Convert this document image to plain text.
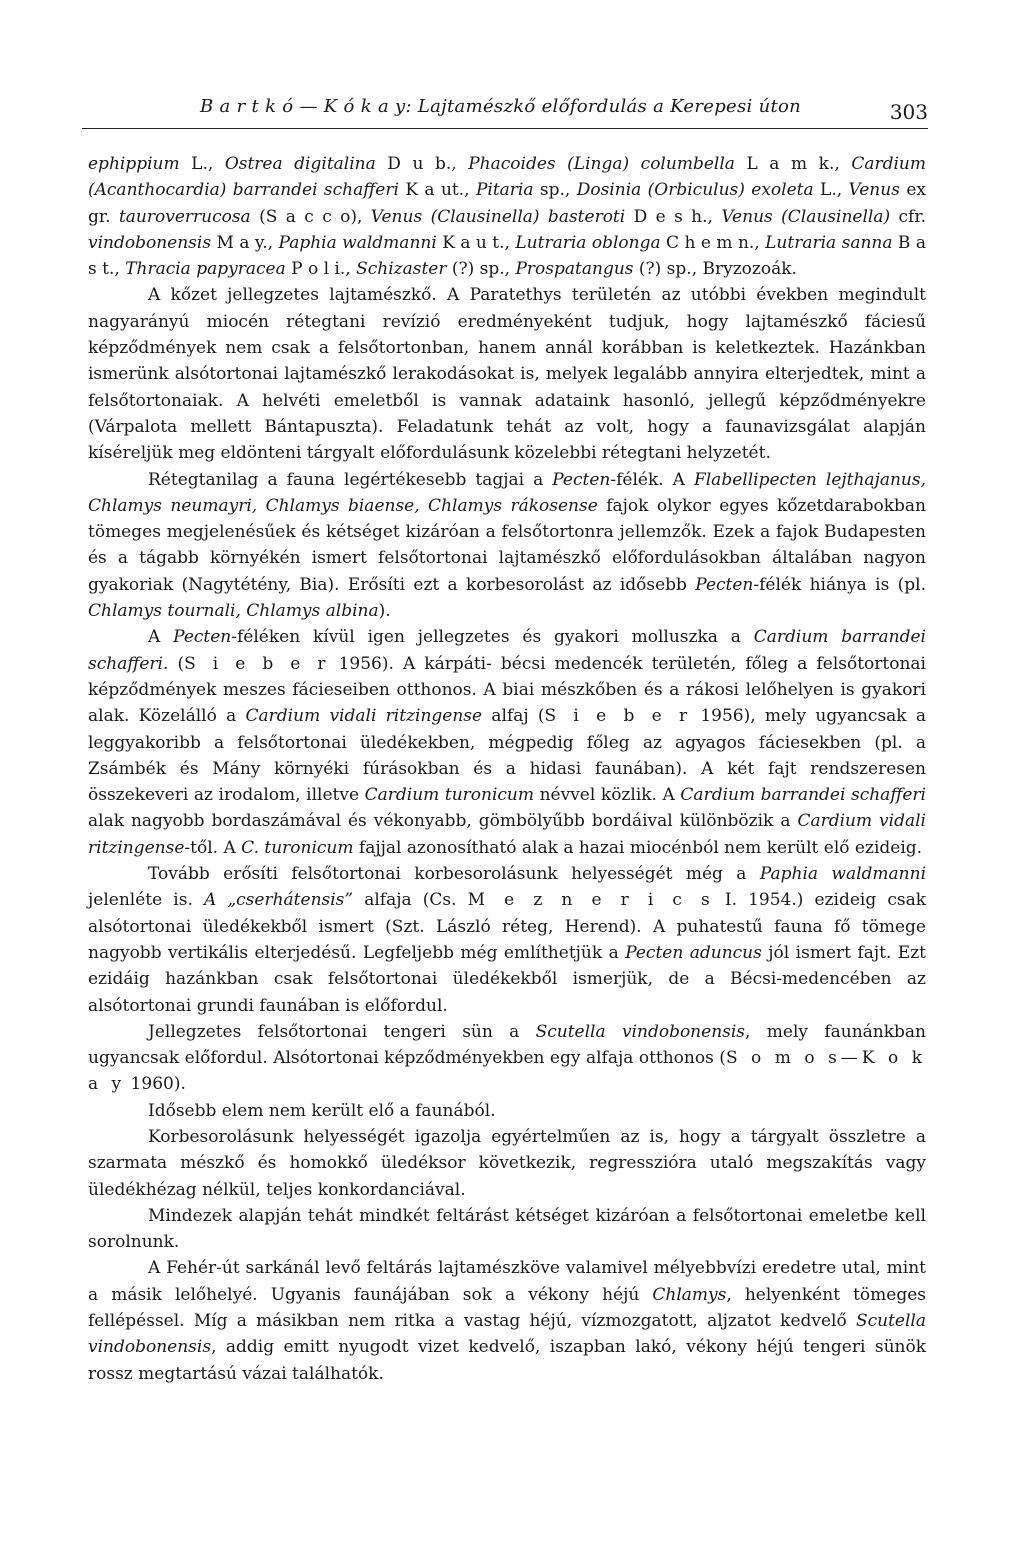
B a r t k ó — K ó k a y: Lajtamészkő előfordulás a Kerepesi úton	303

ephippium L., Ostrea digitalina D u b., Phacoides (Linga) columbella L a m k., Cardium (Acanthocardia) barrandei schafferi K a ut., Pitaria sp., Dosinia (Orbiculus) exoleta L., Venus ex gr. tauroverrucosa (S a c c o), Venus (Clausinella) basteroti D e s h., Venus (Clausinella) cfr. vindobonensis M a y., Paphia waldmanni K a u t., Lutraria oblonga C h e m n., Lutraria sanna B a s t., Thracia papyracea P o l i., Schizaster (?) sp., Prospatangus (?) sp., Bryzozoák.

A kőzet jellegzetes lajtamészkő. A Paratethys területén az utóbbi években megindult nagyarányú miocén rétegtani revízió eredményeként tudjuk, hogy lajtamészkő fáciesű képződmények nem csak a felsőtortonban, hanem annál korábban is keletkeztek. Hazánkban ismerünk alsótortonai lajtamészkő lerakodásokat is, melyek legalább annyira elterjedtek, mint a felsőtortonaiak. A helvéti emeletből is vannak adataink hasonló, jellegű képződményekre (Várpalota mellett Bántapuszta). Feladatunk tehát az volt, hogy a faunavizsgálat alapján kíséreljük meg eldönteni tárgyalt előfordulásunk közelebbi rétegtani helyzetét.

Rétegtanilag a fauna legértékesebb tagjai a Pecten-félék. A Flabellipecten lejthajanus, Chlamys neumayri, Chlamys biaense, Chlamys rákosense fajok olykor egyes kőzetdarabokban tömeges megjelenésűek és kétséget kizáróan a felsőtortonra jellemzők. Ezek a fajok Budapesten és a tágabb környékén ismert felsőtortonai lajtamészkő előfordulásokban általában nagyon gyakoriak (Nagytétény, Bia). Erősíti ezt a korbesorolást az idősebb Pecten-félék hiánya is (pl. Chlamys tournali, Chlamys albina).

A Pecten-féléken kívül igen jellegzetes és gyakori molluszka a Cardium barrandei schafferi. (S i e b e r 1956). A kárpáti- bécsi medencék területén, főleg a felsőtortonai képződmények meszes fácieseiben otthonos. A biai mészkőben és a rákosi lelőhelyen is gyakori alak. Közelálló a Cardium vidali ritzingense alfaj (S i e b e r 1956), mely ugyancsak a leggyakoribb a felsőtortonai üledékekben, mégpedig főleg az agyagos fáciesekben (pl. a Zsámbék és Mány környéki fúrásokban és a hidasi faunában). A két fajt rendszeresen összekeveri az irodalom, illetve Cardium turonicum névvel közlik. A Cardium barrandei schafferi alak nagyobb bordaszámával és vékonyabb, gömbölyűbb bordáival különbözik a Cardium vidali ritzingense-től. A C. turonicum fajjal azonosítható alak a hazai miocénból nem került elő ezideig.

Tovább erősíti felsőtortonai korbesorolásunk helyességét még a Paphia waldmanni jelenléte is. A „cserhátensis” alfaja (Cs. M e z n e r i c s I. 1954.) ezideig csak alsótortonai üledékekből ismert (Szt. László réteg, Herend). A puhatestű fauna fő tömege nagyobb vertikális elterjedésű. Legfeljebb még említhetjük a Pecten aduncus jól ismert fajt. Ezt ezidáig hazánkban csak felsőtortonai üledékekből ismerjük, de a Bécsi-medencében az alsótortonai grundi faunában is előfordul.

Jellegzetes felsőtortonai tengeri sün a Scutella vindobonensis, mely faunánkban ugyancsak előfordul. Alsótortonai képződményekben egy alfaja otthonos (S o m o s—K o k a y 1960).

Idősebb elem nem került elő a faunából.

Korbesorolásunk helyességét igazolja egyértelműen az is, hogy a tárgyalt összletre a szarmata mészkő és homokkő üledéksor következik, regresszióra utaló megszakítás vagy üledékhézag nélkül, teljes konkordanciával.

Mindezek alapján tehát mindkét feltárást kétséget kizáróan a felsőtortonai emeletbe kell sorolnunk.

A Fehér-út sarkánál levő feltárás lajtamészköve valamivel mélyebbvízi eredetre utal, mint a másik lelőhelyé. Ugyanis faunájában sok a vékony héjú Chlamys, helyenként tömeges fellépéssel. Míg a másikban nem ritka a vastag héjú, vízmozgatott, aljzatot kedvelő Scutella vindobonensis, addig emitt nyugodt vizet kedvelő, iszapban lakó, vékony héjú tengeri sünök rossz megtartású vázai találhatók.
